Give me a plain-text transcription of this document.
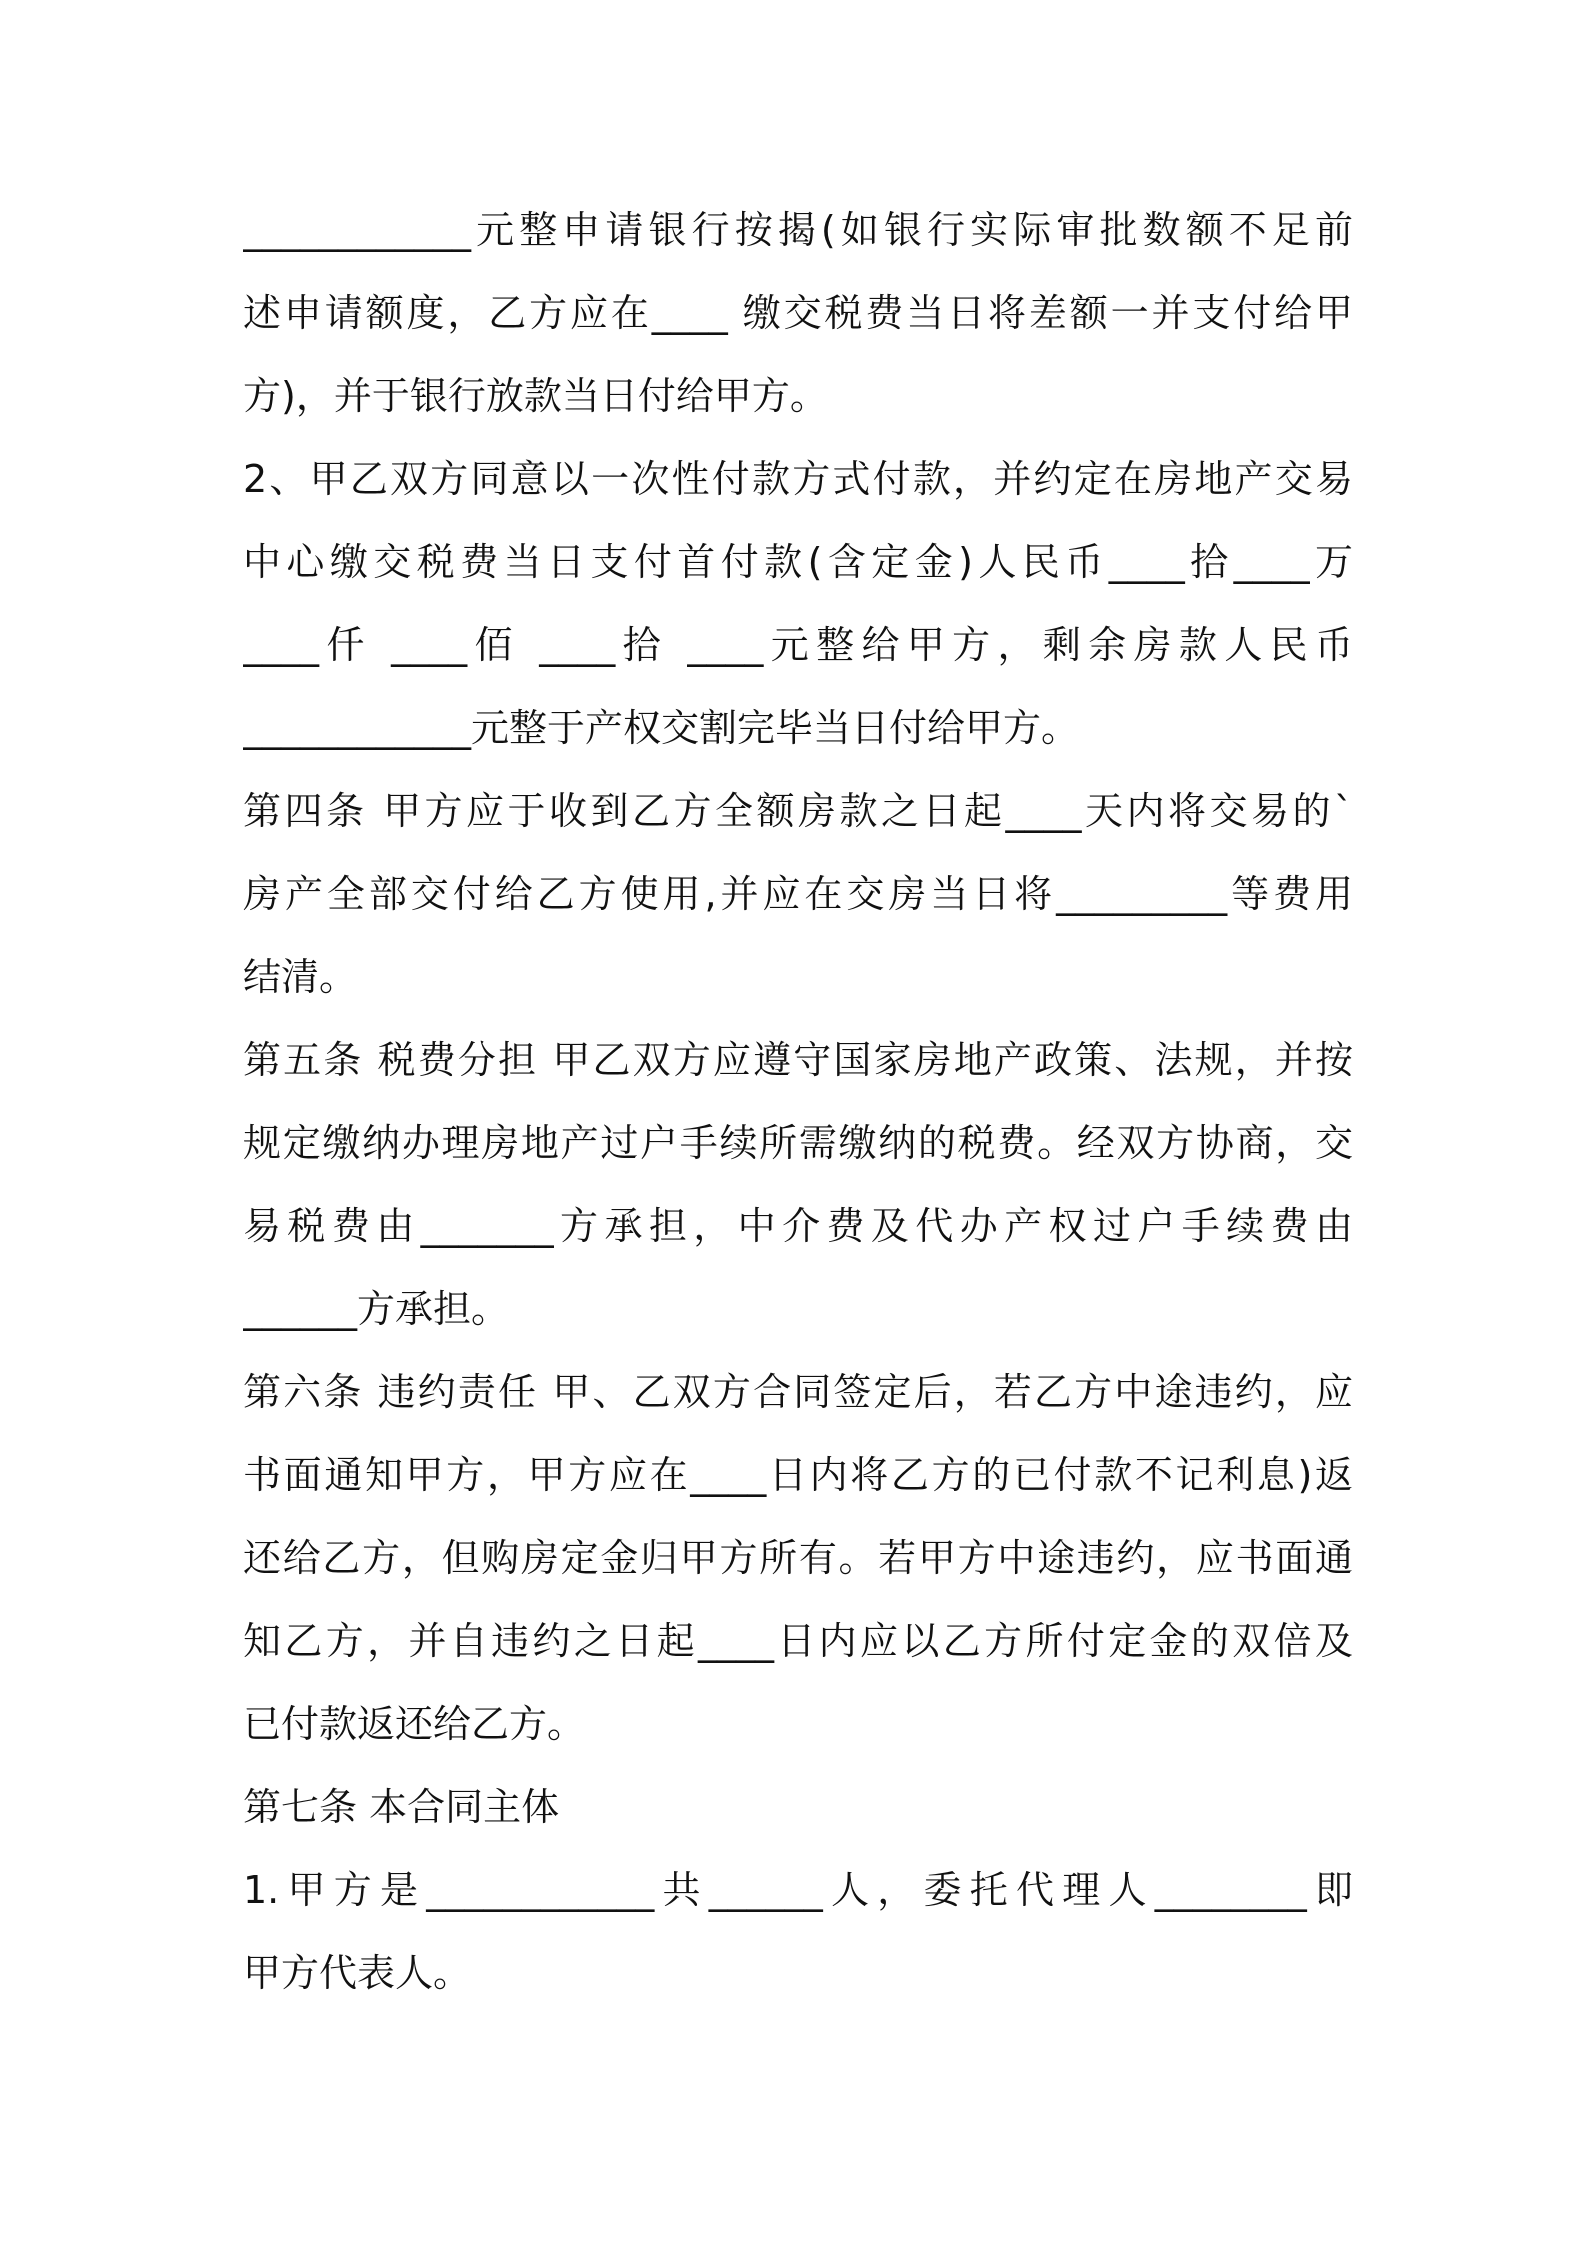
____________元整申请银行按揭(如银行实际审批数额不足前
述申请额度，乙方应在____ 缴交税费当日将差额一并支付给甲
方)，并于银行放款当日付给甲方。
2、甲乙双方同意以一次性付款方式付款，并约定在房地产交易
中心缴交税费当日支付首付款(含定金)人民币____拾____万
____仟 ____佰 ____拾 ____元整给甲方，剩余房款人民币
____________元整于产权交割完毕当日付给甲方。
第四条 甲方应于收到乙方全额房款之日起____天内将交易的`
房产全部交付给乙方使用,并应在交房当日将_________等费用
结清。
第五条 税费分担 甲乙双方应遵守国家房地产政策、法规，并按
规定缴纳办理房地产过户手续所需缴纳的税费。经双方协商，交
易税费由_______方承担，中介费及代办产权过户手续费由
______方承担。
第六条 违约责任 甲、乙双方合同签定后，若乙方中途违约，应
书面通知甲方，甲方应在____日内将乙方的已付款不记利息)返
还给乙方，但购房定金归甲方所有。若甲方中途违约，应书面通
知乙方，并自违约之日起____日内应以乙方所付定金的双倍及
已付款返还给乙方。
第七条 本合同主体
1.甲方是____________共______人，委托代理人________即
甲方代表人。
